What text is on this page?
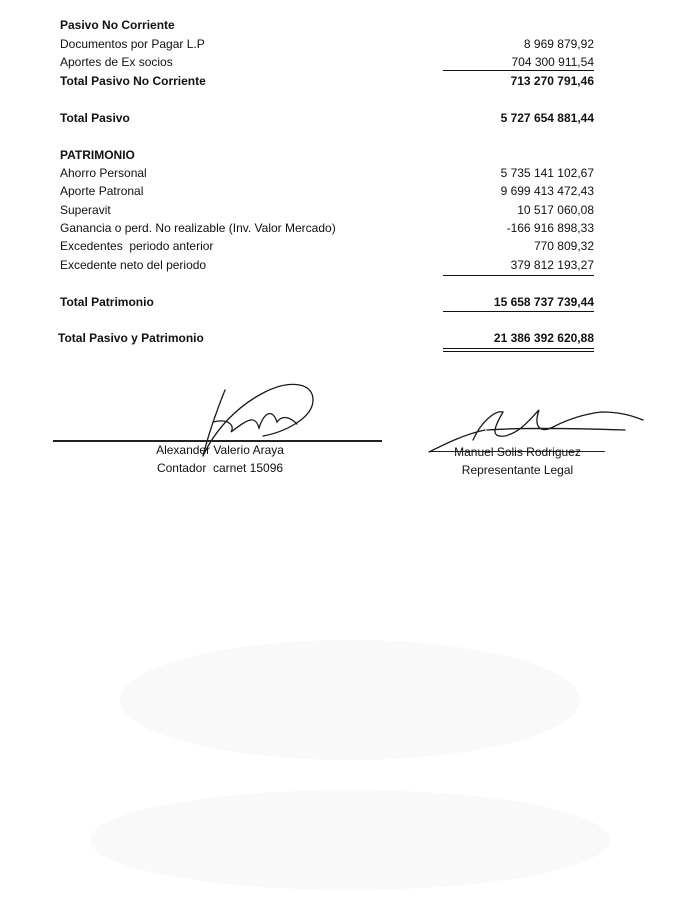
Pasivo No Corriente
Documentos por Pagar L.P	8 969 879,92
Aportes de Ex socios	704 300 911,54
Total Pasivo No Corriente	713 270 791,46
Total Pasivo	5 727 654 881,44
PATRIMONIO
Ahorro Personal	5 735 141 102,67
Aporte Patronal	9 699 413 472,43
Superavit	10 517 060,08
Ganancia o perd. No realizable (Inv. Valor Mercado)	-166 916 898,33
Excedentes  periodo anterior	770 809,32
Excedente neto del periodo	379 812 193,27
Total Patrimonio	15 658 737 739,44
Total Pasivo y Patrimonio	21 386 392 620,88
Alexander Valerio Araya
Contador  carnet 15096
Manuel Solis Rodriguez
Representante Legal
